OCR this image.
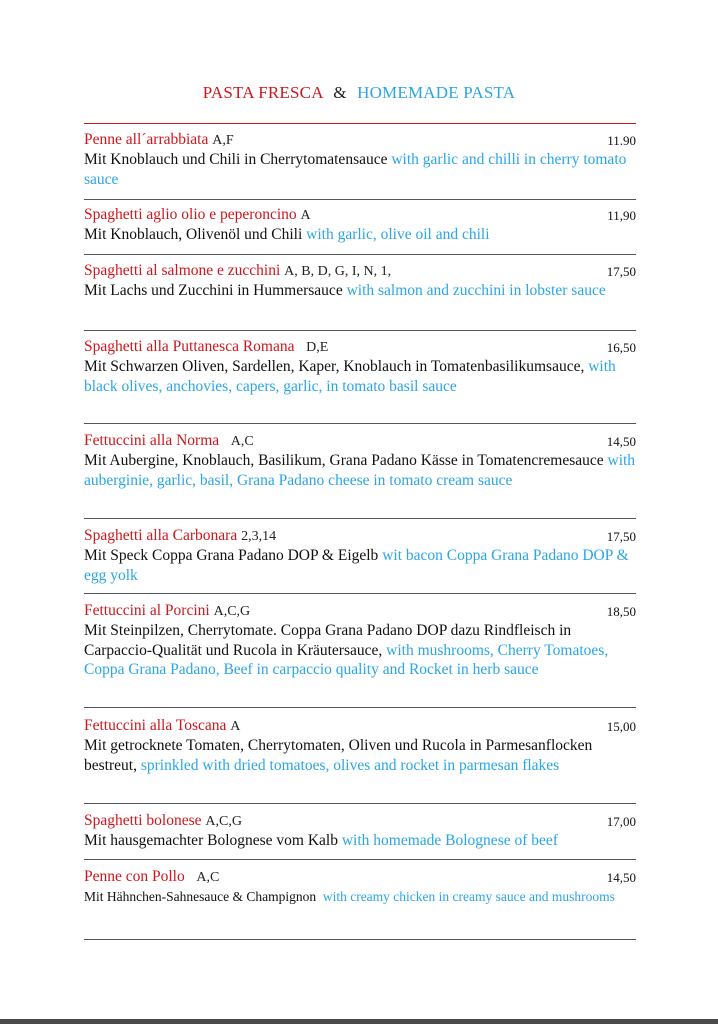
PASTA FRESCA & HOMEMADE PASTA
Penne all´arrabbiata A,F	11.90
Mit Knoblauch und Chili in Cherrytomatensauce with garlic and chilli in cherry tomato sauce
Spaghetti aglio olio e peperoncino A	11,90
Mit Knoblauch, Olivenöl und Chili with garlic, olive oil and chili
Spaghetti al salmone e zucchini A, B, D, G, I, N, 1,	17,50
Mit Lachs und Zucchini in Hummersauce with salmon and zucchini in lobster sauce
Spaghetti alla Puttanesca Romana D,E	16,50
Mit Schwarzen Oliven, Sardellen, Kaper, Knoblauch in Tomatenbasilikumsauce, with black olives, anchovies, capers, garlic, in tomato basil sauce
Fettuccini alla Norma A,C	14,50
Mit Aubergine, Knoblauch, Basilikum, Grana Padano Kässe in Tomatencremesauce with auberginie, garlic, basil, Grana Padano cheese in tomato cream sauce
Spaghetti alla Carbonara 2,3,14	17,50
Mit Speck Coppa Grana Padano DOP & Eigelb wit bacon Coppa Grana Padano DOP & egg yolk
Fettuccini al Porcini A,C,G	18,50
Mit Steinpilzen, Cherrytomate. Coppa Grana Padano DOP dazu Rindfleisch in Carpaccio-Qualität und Rucola in Kräutersauce, with mushrooms, Cherry Tomatoes, Coppa Grana Padano, Beef in carpaccio quality and Rocket in herb sauce
Fettuccini alla Toscana A	15,00
Mit getrocknete Tomaten, Cherrytomaten, Oliven und Rucola in Parmesanflocken bestreut, sprinkled with dried tomatoes, olives and rocket in parmesan flakes
Spaghetti bolonese A,C,G	17,00
Mit hausgemachter Bolognese vom Kalb with homemade Bolognese of beef
Penne con Pollo A,C	14,50
Mit Hähnchen-Sahnesauce & Champignon with creamy chicken in creamy sauce and mushrooms
